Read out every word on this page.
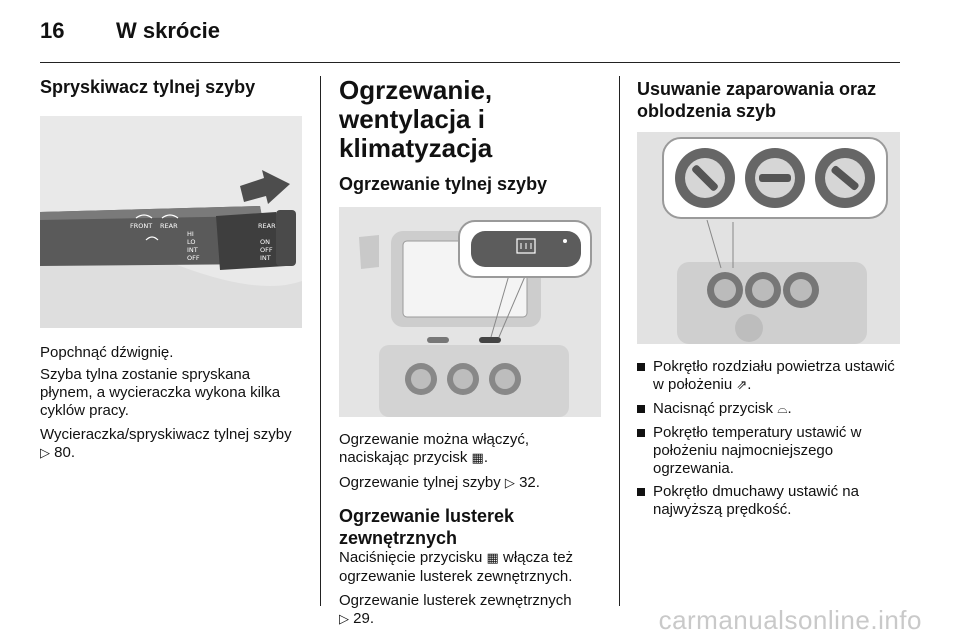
16 W skrócie
Spryskiwacz tylnej szyby
FRONT REAR
HI
LO
INT
OFF
REAR
ON
OFF
INT

Popchnąć dźwignię.

Szyba tylna zostanie spryskana płynem, a wycieraczka wykona kilka cyklów pracy.

Wycieraczka/spryskiwacz tylnej szyby ▷ 80.

Ogrzewanie, wentylacja i klimatyzacja
Ogrzewanie tylnej szyby

Ogrzewanie można włączyć, naciskając przycisk ▦.

Ogrzewanie tylnej szyby ▷ 32.

Ogrzewanie lusterek zewnętrznych

Naciśnięcie przycisku ▦ włącza też ogrzewanie lusterek zewnętrznych.

Ogrzewanie lusterek zewnętrznych ▷ 29.

Usuwanie zaparowania oraz oblodzenia szyb
Pokrętło rozdziału powietrza ustawić w położeniu ⇗.
Nacisnąć przycisk ⌓.
Pokrętło temperatury ustawić w położeniu najmocniejszego ogrzewania.
Pokrętło dmuchawy ustawić na najwyższą prędkość.
carmanualsonline.info
